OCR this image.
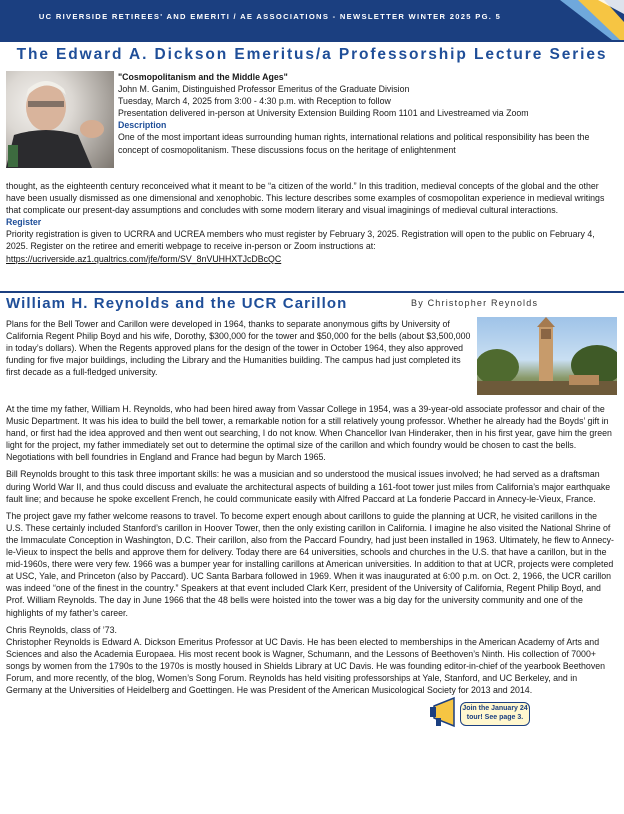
UC RIVERSIDE RETIREES' AND EMERITI / AE ASSOCIATIONS - NEWSLETTER WINTER 2025 PG. 5
The Edward A. Dickson Emeritus/a Professorship Lecture Series

"Cosmopolitanism and the Middle Ages"

John M. Ganim, Distinguished Professor Emeritus of the Graduate Division

Tuesday, March 4, 2025 from 3:00 - 4:30 p.m. with Reception to follow

Presentation delivered in-person at University Extension Building Room 1101 and Livestreamed via Zoom

Description

One of the most important ideas surrounding human rights, international relations and political responsibility has been the concept of cosmopolitanism. These discussions focus on the heritage of enlightenment

thought, as the eighteenth century reconceived what it meant to be “a citizen of the world.” In this tradition, medieval concepts of the global and the other have been usually dismissed as one dimensional and xenophobic. This lecture describes some examples of cosmopolitan experience in medieval writings that complicate our present-day assumptions and concludes with some modern literary and visual imaginings of medieval cultural interactions.

Register

Priority registration is given to UCRRA and UCREA members who must register by February 3, 2025. Registration will open to the public on February 4, 2025. Register on the retiree and emeriti webpage to receive in-person or Zoom instructions at:

https://ucriverside.az1.qualtrics.com/jfe/form/SV_8nVUHHXTJcDBcQC

William H. Reynolds and the UCR Carillon	By Christopher Reynolds

Plans for the Bell Tower and Carillon were developed in 1964, thanks to separate anonymous gifts by University of California Regent Philip Boyd and his wife, Dorothy, $300,000 for the tower and $50,000 for the bells (about $3,500,000 in today’s dollars). When the Regents approved plans for the design of the tower in October 1964, they also approved funding for five major buildings, including the Library and the Humanities building. The campus had just completed its first decade as a full-fledged university.

At the time my father, William H. Reynolds, who had been hired away from Vassar College in 1954, was a 39-year-old associate professor and chair of the Music Department. It was his idea to build the bell tower, a remarkable notion for a still relatively young professor. Whether he already had the Boyds’ gift in hand, or first had the idea approved and then went out searching, I do not know. When Chancellor Ivan Hinderaker, then in his first year, gave him the green light for the project, my father immediately set out to determine the optimal size of the carillon and which foundry would be chosen to cast the bells. Negotiations with bell foundries in England and France had begun by March 1965.

Bill Reynolds brought to this task three important skills: he was a musician and so understood the musical issues involved; he had served as a draftsman during World War II, and thus could discuss and evaluate the architectural aspects of building a 161-foot tower just miles from California’s major earthquake fault line; and because he spoke excellent French, he could communicate easily with Alfred Paccard at La fonderie Paccard in Annecy-le-Vieux, France.

The project gave my father welcome reasons to travel. To become expert enough about carillons to guide the planning at UCR, he visited carillons in the U.S. These certainly included Stanford’s carillon in Hoover Tower, then the only existing carillon in California. I imagine he also visited the National Shrine of the Immaculate Conception in Washington, D.C. Their carillon, also from the Paccard Foundry, had just been installed in 1963. Ultimately, he flew to Annecy-le-Vieux to inspect the bells and approve them for delivery. Today there are 64 universities, schools and churches in the U.S. that have a carillon, but in the mid-1960s, there were very few. 1966 was a bumper year for installing carillons at American universities. In addition to that at UCR, projects were completed at USC, Yale, and Princeton (also by Paccard). UC Santa Barbara followed in 1969. When it was inaugurated at 6:00 p.m. on Oct. 2, 1966, the UCR carillon was indeed “one of the finest in the country.” Speakers at that event included Clark Kerr, president of the University of California, Regent Philip Boyd, and Prof. William Reynolds. The day in June 1966 that the 48 bells were hoisted into the tower was a big day for the university community and one of the highlights of my father’s career.

Chris Reynolds, class of ’73.

Christopher Reynolds is Edward A. Dickson Emeritus Professor at UC Davis. He has been elected to memberships in the American Academy of Arts and Sciences and also the Academia Europaea. His most recent book is Wagner, Schumann, and the Lessons of Beethoven’s Ninth. His collection of 7000+ songs by women from the 1790s to the 1970s is mostly housed in Shields Library at UC Davis. He was founding editor-in-chief of the yearbook Beethoven Forum, and more recently, of the blog, Women’s Song Forum. Reynolds has held visiting professorships at Yale, Stanford, and UC Berkeley, and in Germany at the Universities of Heidelberg and Goettingen. He was President of the American Musicological Society for 2013 and 2014.

Join the January 24
tour! See page 3.
